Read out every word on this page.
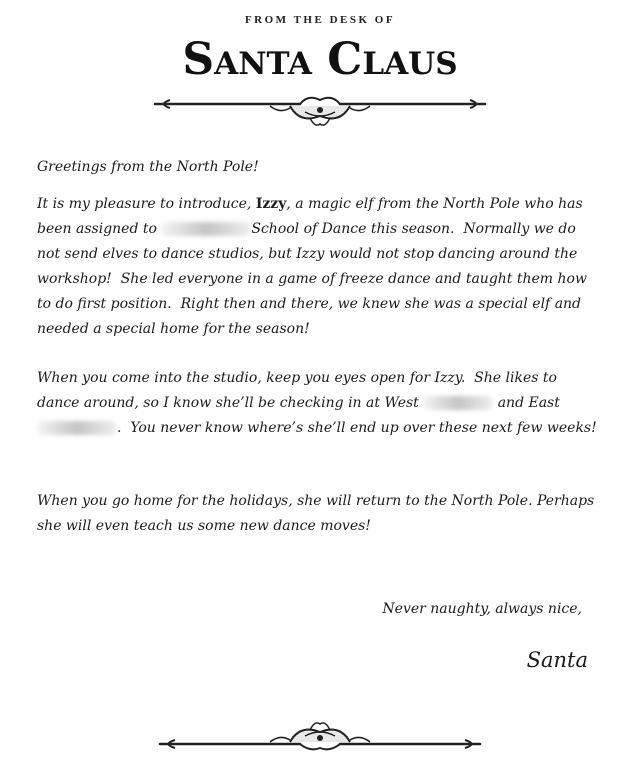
FROM THE DESK OF
Santa Claus
Greetings from the North Pole!

It is my pleasure to introduce, Izzy, a magic elf from the North Pole who has been assigned to	School of Dance this season.  Normally we do not send elves to dance studios, but Izzy would not stop dancing around the workshop!  She led everyone in a game of freeze dance and taught them how to do first position.  Right then and there, we knew she was a special elf and needed a special home for the season!

When you come into the studio, keep you eyes open for Izzy.  She likes to dance around, so I know she’ll be checking in at West	and East .  You never know where’s she’ll end up over these next few weeks!

When you go home for the holidays, she will return to the North Pole. Perhaps she will even teach us some new dance moves!

Never naughty, always nice,
Santa
